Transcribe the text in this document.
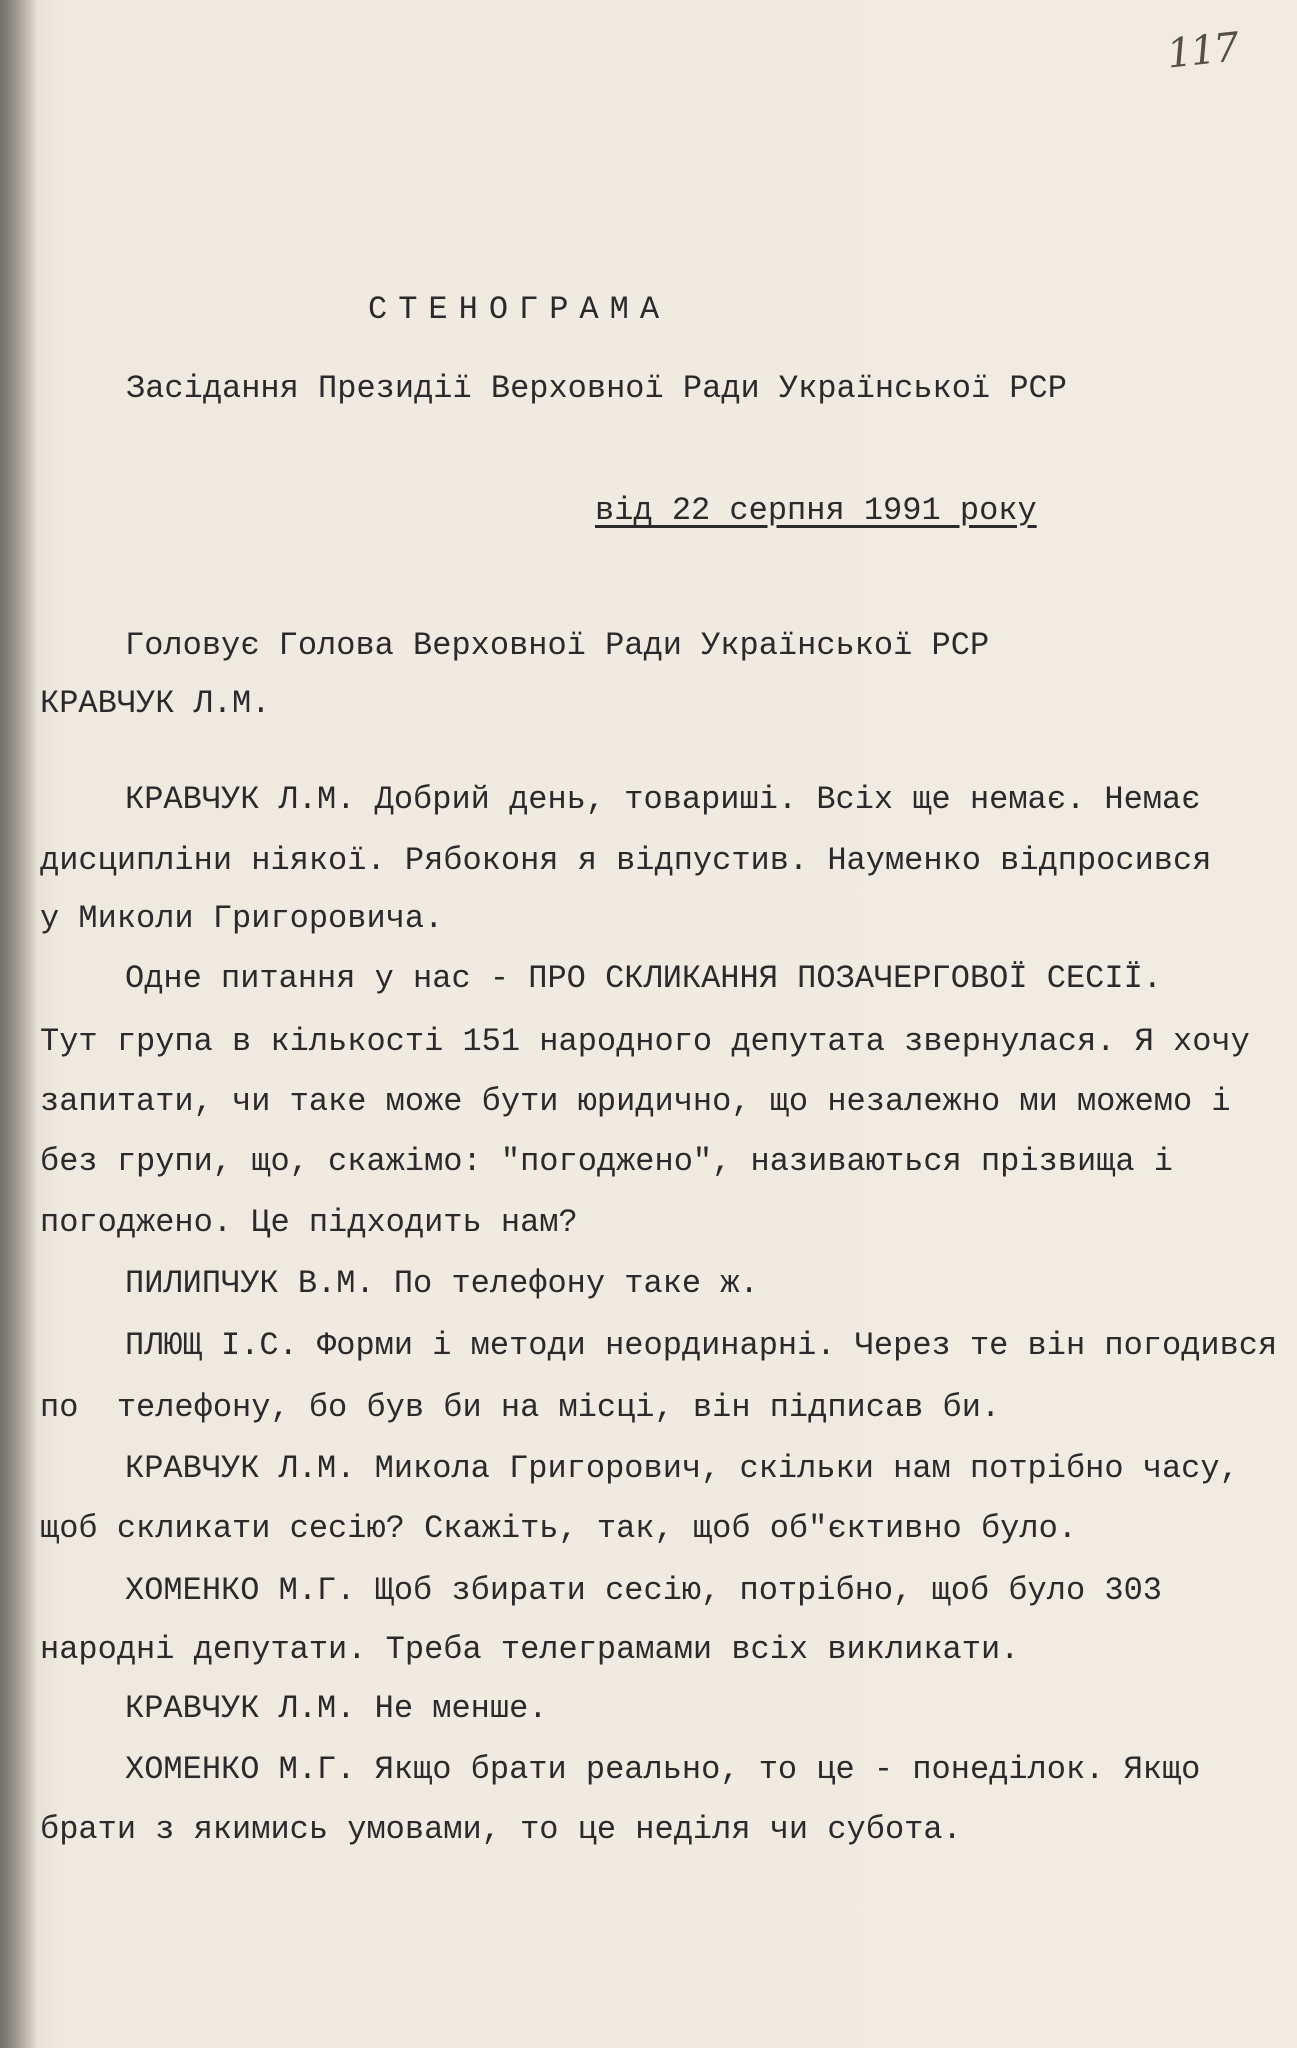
117
СТЕНОГРАМА
Засідання Президії Верховної Ради Української РСР
від 22 серпня 1991 року
Головує Голова Верховної Ради Української РСР
КРАВЧУК Л.М.
КРАВЧУК Л.М. Добрий день, товариші. Всіх ще немає. Немає
дисципліни ніякої. Рябоконя я відпустив. Науменко відпросився
у Миколи Григоровича.
Одне питання у нас - ПРО СКЛИКАННЯ ПОЗАЧЕРГОВОЇ СЕСІЇ.
Тут група в кількості 151 народного депутата звернулася. Я хочу
запитати, чи таке може бути юридично, що незалежно ми можемо і
без групи, що, скажімо: "погоджено", називаються прізвища і
погоджено. Це підходить нам?
ПИЛИПЧУК В.М. По телефону таке ж.
ПЛЮЩ І.С. Форми і методи неординарні. Через те він погодився
по  телефону, бо був би на місці, він підписав би.
КРАВЧУК Л.М. Микола Григорович, скільки нам потрібно часу,
щоб скликати сесію? Скажіть, так, щоб об"єктивно було.
ХОМЕНКО М.Г. Щоб збирати сесію, потрібно, щоб було 303
народні депутати. Треба телеграмами всіх викликати.
КРАВЧУК Л.М. Не менше.
ХОМЕНКО М.Г. Якщо брати реально, то це - понеділок. Якщо
брати з якимись умовами, то це неділя чи субота.
